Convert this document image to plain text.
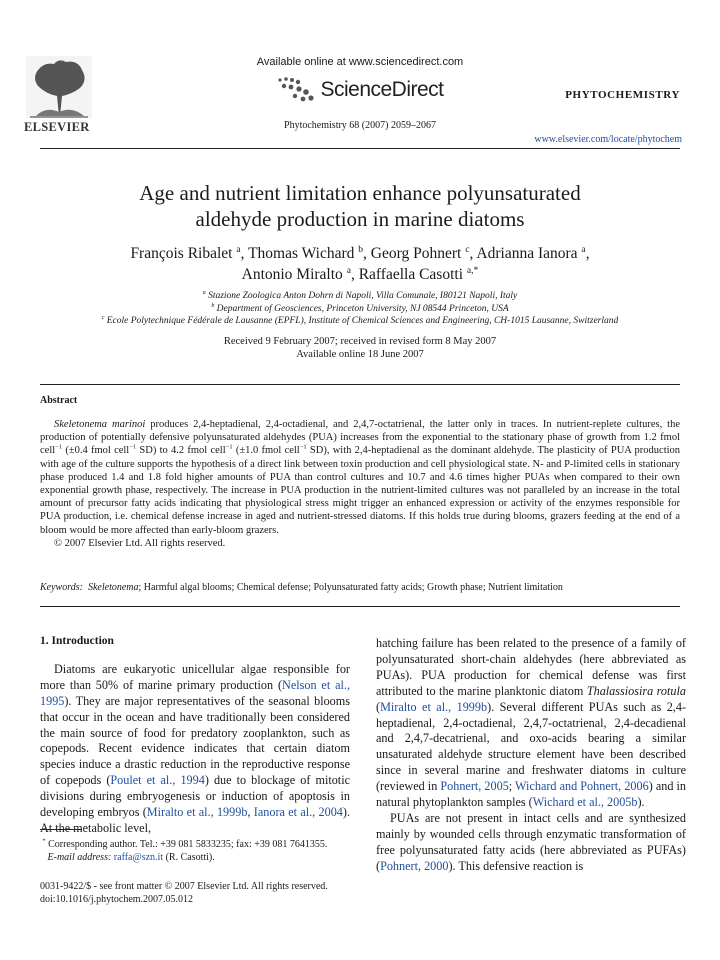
ELSEVIER
Available online at www.sciencedirect.com
ScienceDirect
Phytochemistry 68 (2007) 2059–2067
PHYTOCHEMISTRY
www.elsevier.com/locate/phytochem
Age and nutrient limitation enhance polyunsaturated
aldehyde production in marine diatoms
François Ribalet $^a$, Thomas Wichard $^b$, Georg Pohnert $^c$, Adrianna Ianora $^a$,
Antonio Miralto $^a$, Raffaella Casotti $^{a,*}$
$^a$ Stazione Zoologica Anton Dohrn di Napoli, Villa Comunale, I80121 Napoli, Italy
$^b$ Department of Geosciences, Princeton University, NJ 08544 Princeton, USA
$^c$ Ecole Polytechnique Fédérale de Lausanne (EPFL), Institute of Chemical Sciences and Engineering, CH-1015 Lausanne, Switzerland
Received 9 February 2007; received in revised form 8 May 2007
Available online 18 June 2007
Abstract

Skeletonema marinoi produces 2,4-heptadienal, 2,4-octadienal, and 2,4,7-octatrienal, the latter only in traces. In nutrient-replete cultures, the production of potentially defensive polyunsaturated aldehydes (PUA) increases from the exponential to the stationary phase of growth from 1.2 fmol cell$^{-1}$ (±0.4 fmol cell$^{-1}$ SD) to 4.2 fmol cell$^{-1}$ (±1.0 fmol cell$^{-1}$ SD), with 2,4-heptadienal as the dominant aldehyde. The plasticity of PUA production with age of the culture supports the hypothesis of a direct link between toxin production and cell physiological state. N- and P-limited cells in stationary phase produced 1.4 and 1.8 fold higher amounts of PUA than control cultures and 10.7 and 4.6 times higher PUAs when compared to their own exponential growth phase, respectively. The increase in PUA production in the nutrient-limited cultures was not paralleled by an increase in the total amount of precursor fatty acids indicating that physiological stress might trigger an enhanced expression or activity of the enzymes responsible for PUA production, i.e. chemical defense increase in aged and nutrient-stressed diatoms. If this holds true during blooms, grazers feeding at the end of a bloom would be more affected than early-bloom grazers.

© 2007 Elsevier Ltd. All rights reserved.

Keywords: Skeletonema; Harmful algal blooms; Chemical defense; Polyunsaturated fatty acids; Growth phase; Nutrient limitation

1. Introduction

Diatoms are eukaryotic unicellular algae responsible for more than 50% of marine primary production (Nelson et al., 1995). They are major representatives of the seasonal blooms that occur in the ocean and have traditionally been considered the main source of food for predatory zooplankton, such as copepods. Recent evidence indicates that certain diatom species induce a drastic reduction in the reproductive response of copepods (Poulet et al., 1994) due to blockage of mitotic divisions during embryogenesis or induction of apoptosis in developing embryos (Miralto et al., 1999b, Ianora et al., 2004). At the metabolic level,

hatching failure has been related to the presence of a family of polyunsaturated short-chain aldehydes (here abbreviated as PUAs). PUA production for chemical defense was first attributed to the marine planktonic diatom Thalassiosira rotula (Miralto et al., 1999b). Several different PUAs such as 2,4-heptadienal, 2,4-octadienal, 2,4,7-octatrienal, 2,4-decadienal and 2,4,7-decatrienal, and oxo-acids bearing a similar unsaturated aldehyde structure element have been described since in several marine and freshwater diatoms in culture (reviewed in Pohnert, 2005; Wichard and Pohnert, 2006) and in natural phytoplankton samples (Wichard et al., 2005b).

PUAs are not present in intact cells and are synthesized mainly by wounded cells through enzymatic transformation of free polyunsaturated fatty acids (here abbreviated as PUFAs) (Pohnert, 2000). This defensive reaction is

* Corresponding author. Tel.: +39 081 5833235; fax: +39 081 7641355.
E-mail address: raffa@szn.it (R. Casotti).
0031-9422/$ - see front matter © 2007 Elsevier Ltd. All rights reserved.
doi:10.1016/j.phytochem.2007.05.012
